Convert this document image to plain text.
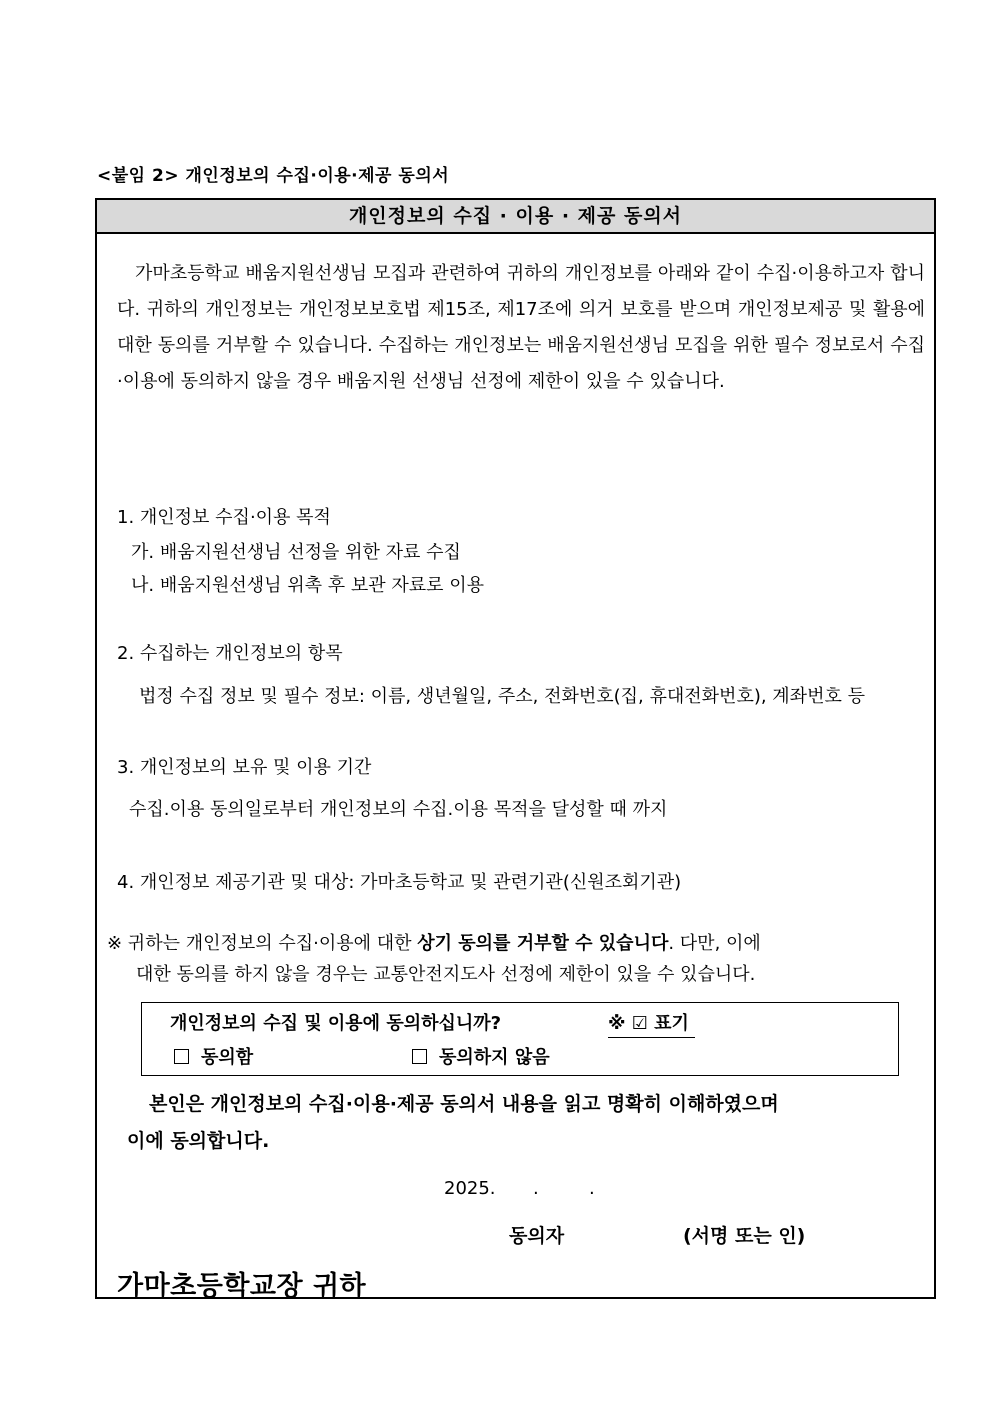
<붙임 2> 개인정보의 수집·이용·제공 동의서
개인정보의 수집 · 이용 · 제공 동의서

가마초등학교 배움지원선생님 모집과 관련하여 귀하의 개인정보를 아래와 같이 수집·이용하고자 합니다. 귀하의 개인정보는 개인정보보호법 제15조, 제17조에 의거 보호를 받으며 개인정보제공 및 활용에 대한 동의를 거부할 수 있습니다. 수집하는 개인정보는 배움지원선생님 모집을 위한 필수 정보로서 수집·이용에 동의하지 않을 경우 배움지원 선생님 선정에 제한이 있을 수 있습니다.

1. 개인정보 수집·이용 목적
가. 배움지원선생님 선정을 위한 자료 수집
나. 배움지원선생님 위촉 후 보관 자료로 이용
2. 수집하는 개인정보의 항목
법정 수집 정보 및 필수 정보: 이름, 생년월일, 주소, 전화번호(집, 휴대전화번호), 계좌번호 등
3. 개인정보의 보유 및 이용 기간
수집.이용 동의일로부터 개인정보의 수집.이용 목적을 달성할 때 까지
4. 개인정보 제공기관 및 대상: 가마초등학교 및 관련기관(신원조회기관)
※ 귀하는 개인정보의 수집·이용에 대한 상기 동의를 거부할 수 있습니다. 다만, 이에
대한 동의를 하지 않을 경우는 교통안전지도사 선정에 제한이 있을 수 있습니다.
개인정보의 수집 및 이용에 동의하십니까?	※ ☑ 표기
동의함	동의하지 않음
본인은 개인정보의 수집·이용·제공 동의서 내용을 읽고 명확히 이해하였으며
이에 동의합니다.
2025. .	.
동의자	(서명 또는 인)
가마초등학교장 귀하
